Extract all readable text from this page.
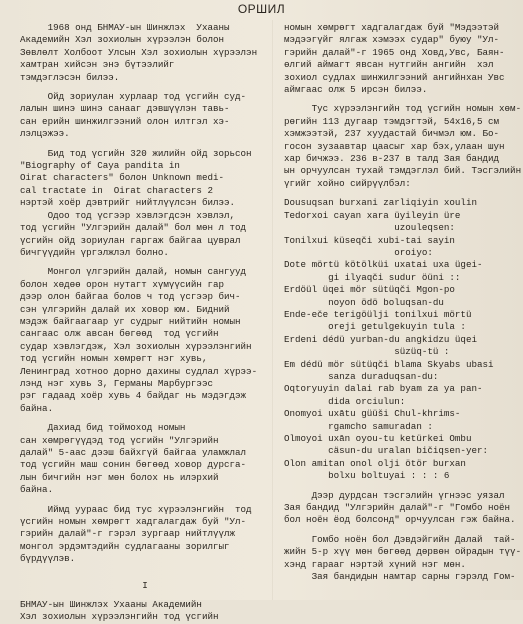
ОРШИЛ

1968 онд БНМАУ-ын Шинжлэх  Ухааны

Академийн Хэл зохиолын хүрээлэн болон

Зөвлөлт Холбоот Улсын Хэл зохиолын хүрээлэн

хамтран хийсэн энэ бүтээлийг

тэмдэглэсэн билээ.

Ойд зориулан хурлаар тод үсгийн суд-

лалын шинэ шинэ санааг дэвшүүлэн тавь-

сан ерийн шинжилгээний олон илтгэл хэ-

лэлцэжээ.

Бид тод үсгийн 320 жилийн ойд зорьсон

"Biography of Caya pandita in

Oirat characters" болон Unknown medi-

cal tractate in  Oirat characters 2

нэртэй хоёр дэвтрийг нийтлүүлсэн билээ.

Одоо тод үсгээр хэвлэгдсэн хэвлэл,

тод үсгийн "Улгэрийн далай" бол мөн л тод

үсгийн ойд зориулан гаргаж байгаа цуврал

бичгүүдийн үргэлжлэл болно.

Монгол үлгэрийн далай, номын сангууд

болон хөдөө орон нутагт хүмүүсийн гар

дээр олон байгаа болов ч тод үсгээр бич-

сэн үлгэрийн далай их ховор юм. Бидний

мэдэж байгаагаар уг судрыг нийтийн номын

сангаас олж авсан бөгөөд  тод үсгийн

судар хэвлэгдэж, Хэл зохиолын хүрээлэнгийн

тод үсгийн номын хөмрөгт нэг хувь,

Ленинград хотноо дорно дахины судлал хүрээ-

лэнд нэг хувь 3, Германы Марбургээс

рэг гадаад хоёр хувь 4 байдаг нь мэдэгдэж

байна.

Дахиад бид тоймоход номын

сан хөмрөгүүдэд тод үсгийн "Улгэрийн

далай" 5-аас дээш байхгүй байгаа уламжлал

тод үсгийн маш сонин бөгөөд ховор дурсга-

лын бичгийн нэг мөн болох нь илэрхий

байна.

Иймд уураас бид тус хүрээлэнгийн  тод

үсгийн номын хөмрөгт хадгалагдаж буй "Ул-

гэрийн далай"-г гэрэл зургаар нийтлүүлж

монгол эрдэмтэдийн судлагааны зорилгыг

бүрдүүлэв.

I

БНМАУ-ын Шинжлэх Ухааны Академийн

Хэл зохиолын хүрээлэнгийн тод үсгийн

номын хөмрөгт хадгалагдаж буй "Мэдээтэй

мэдээгүйг ялгаж хэмээх судар" буюу "Ул-

гэрийн далай"-г 1965 онд Ховд,Увс, Баян-

өлгий аймагт явсан нутгийн ангийн  хэл

зохиол судлах шинжилгээний ангийнхан Увс

аймгаас олж 5 ирсэн билээ.

Тус хүрээлэнгийн тод үсгийн номын хөм-

рөгийн 113 дугаар тэмдэгтэй, 54х16,5 см

хэмжээтэй, 237 хуудастай бичмэл юм. Бо-

госон зузаавтар цаасыг хар бэх,улаан шун

хар бичжээ. 236 в-237 в талд Зая бандид

ын орчуулсан тухай тэмдэглэл бий. Тэсгэлийн

үгийг хойно сийрүүлбэл:

Dousuqsan burxani zarliqiyin xoulin

Tedorxoi cayan xara üyileyin üre

uzouleqsen:

Tonilxui küseqči xubi-tai sayin

oroiyo:

Dote mörtü kötölküi uxatai uxa ügei-

gi ilyaqči sudur öüni ::

Erdöül üqei mör sütüqči Mgon-po

noyon ödö boluqsan-du

Ende-eče terigöülji tonilxui mörtü

oreji getulgekuyin tula :

Erdeni dédü yurban-du angkidzu üqei

süzüq-tü :

Em dédü mör sütüqči blama Skyabs ubasi

sanza duraduqsan-du:

Oqtoryuyin dalai rab byam za ya pan-

dida orciulun:

Onomyoi uxātu güüši Chul-khrims-

rgamcho samuradan :

Olmoyoi uxān oyou-tu ketürkei Ombu

cäsun-du uralan bičiqsen-yer:

Olon amitan onol olji ötör burxan

bolxu boltuyai : : : 6

Дээр дурдсан тэсгэлийн үгнээс уязал

Зая бандид "Улгэрийн далай"-г "Гомбо ноён

бол ноён ёод болсонд" орчуулсан гэж байна.

Гомбо ноён бол Дэвдэйгийн Далай  тай-

жийн 5-р хүү мөн бөгөөд дөрвөн ойрадын түү-

хэнд гарааг нэртэй хүний нэг мөн.

Зая бандидын намтар сарны гэрэлд Гом-
